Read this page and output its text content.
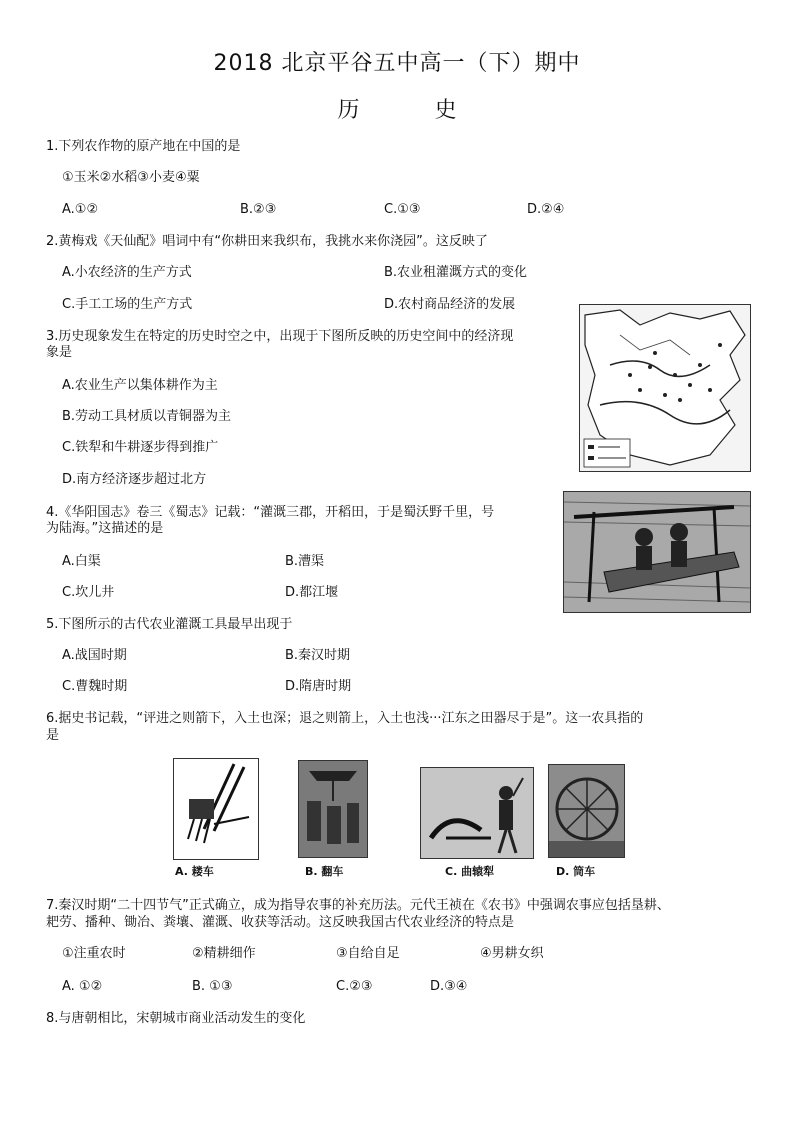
2018 北京平谷五中高一（下）期中
历 史
1.下列农作物的原产地在中国的是
①玉米②水稻③小麦④粟
A.①②	B.②③	C.①③	D.②④
2.黄梅戏《天仙配》唱词中有“你耕田来我织布，我挑水来你浇园”。这反映了
A.小农经济的生产方式	B.农业租灌溉方式的变化
C.手工工场的生产方式	D.农村商品经济的发展
3.历史现象发生在特定的历史时空之中，出现于下图所反映的历史空间中的经济现
象是
A.农业生产以集体耕作为主
B.劳动工具材质以青铜器为主
C.铁犁和牛耕逐步得到推广
D.南方经济逐步超过北方
4.《华阳国志》卷三《蜀志》记载：“灌溉三郡，开稻田，于是蜀沃野千里，号
为陆海。”这描述的是
A.白渠	B.漕渠
C.坎儿井	D.都江堰
5.下图所示的古代农业灌溉工具最早出现于
A.战国时期	B.秦汉时期
C.曹魏时期	D.隋唐时期
6.据史书记载，“评进之则箭下，入土也深；退之则箭上，入土也浅···江东之田器尽于是”。这一农具指的
是
A. 耧车	B. 翻车	C. 曲辕犁	D. 筒车
7.秦汉时期“二十四节气”正式确立，成为指导农事的补充历法。元代王祯在《农书》中强调农事应包括垦耕、
耙劳、播种、锄冶、粪壤、灌溉、收获等活动。这反映我国古代农业经济的特点是
①注重农时	②精耕细作	③自给自足	④男耕女织
A. ①②	B. ①③	C.②③	D.③④
8.与唐朝相比，宋朝城市商业活动发生的变化
